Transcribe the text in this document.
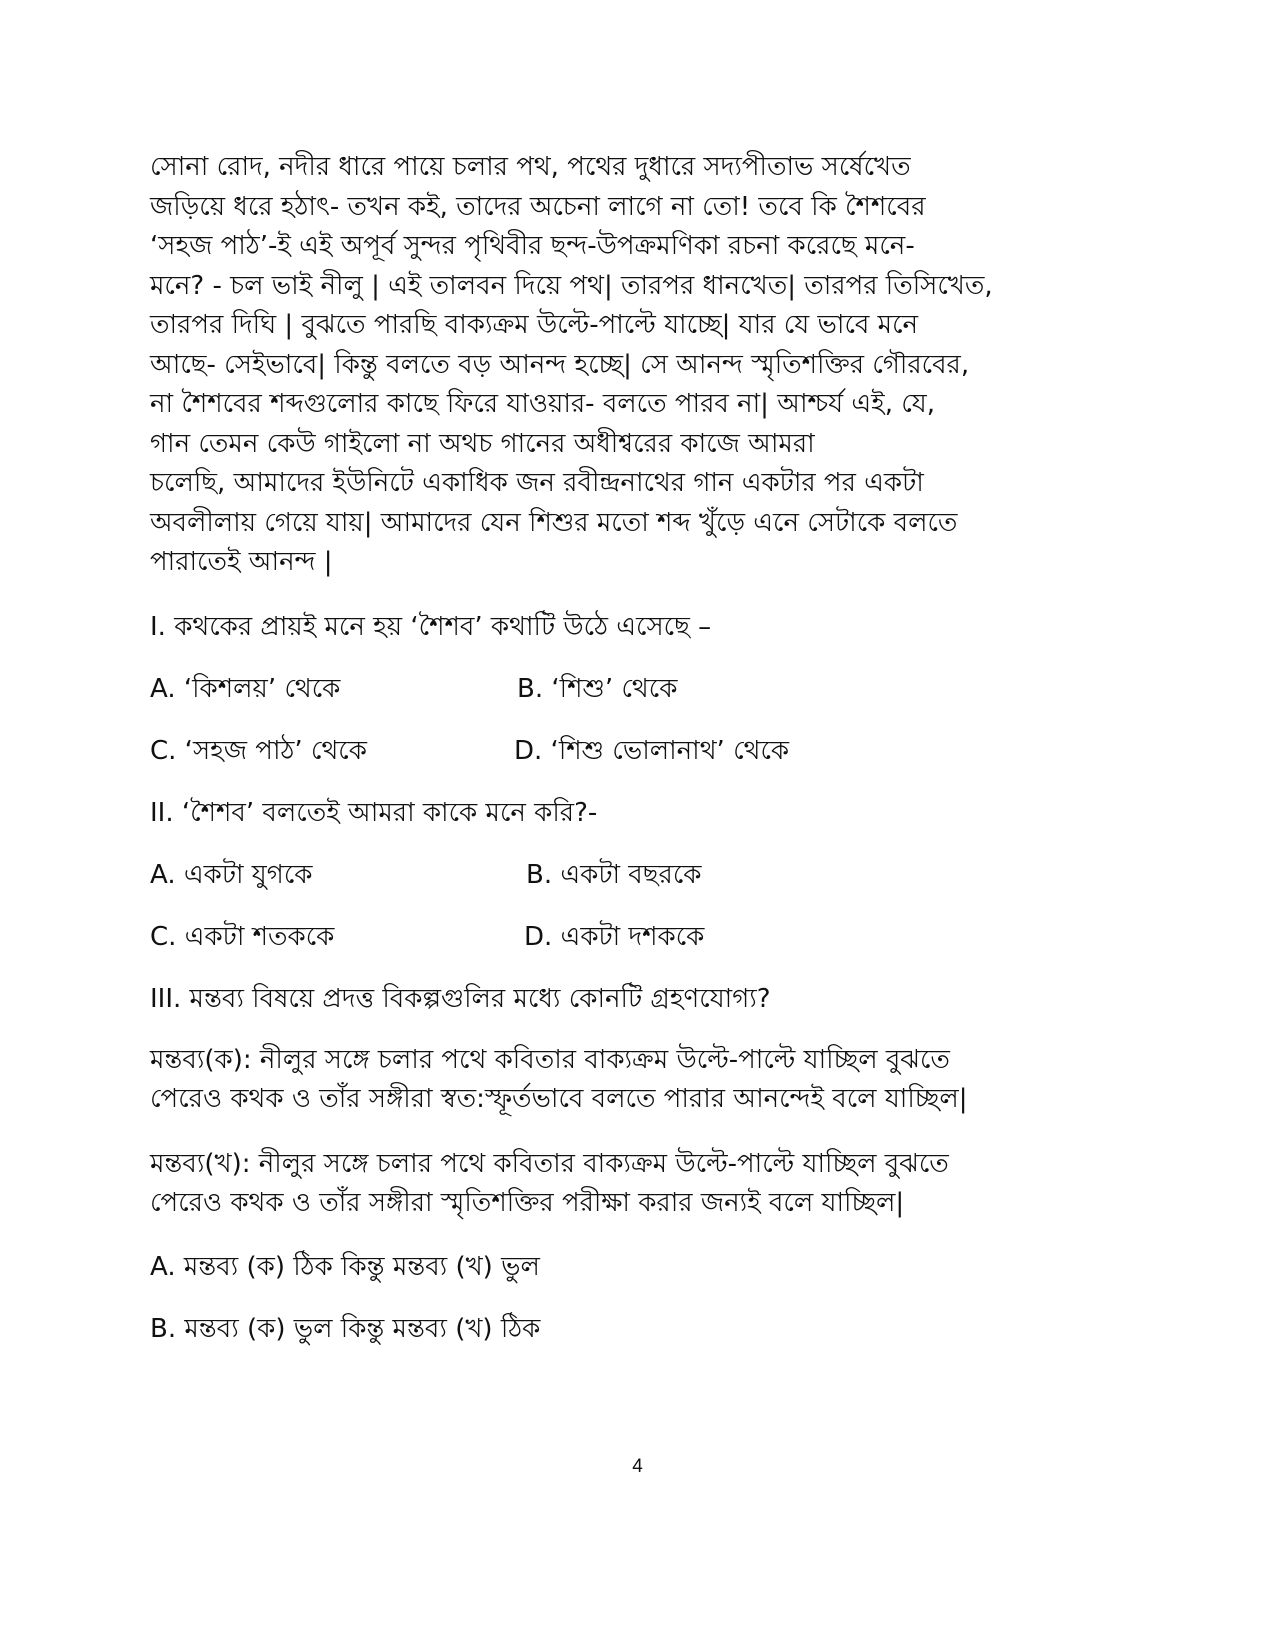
সোনা রোদ, নদীর ধারে পায়ে চলার পথ, পথের দুধারে সদ্যপীতাভ সর্ষেখেত
জড়িয়ে ধরে হঠাৎ- তখন কই, তাদের অচেনা লাগে না তো! তবে কি শৈশবের
‘সহজ পাঠ’-ই এই অপূর্ব সুন্দর পৃথিবীর ছন্দ-উপক্রমণিকা রচনা করেছে মনে-
মনে? - চল ভাই নীলু | এই তালবন দিয়ে পথ| তারপর ধানখেত| তারপর তিসিখেত,
তারপর দিঘি | বুঝতে পারছি বাক্যক্রম উল্টে-পাল্টে যাচ্ছে| যার যে ভাবে মনে
আছে- সেইভাবে| কিন্তু বলতে বড় আনন্দ হচ্ছে| সে আনন্দ স্মৃতিশক্তির গৌরবের,
না শৈশবের শব্দগুলোর কাছে ফিরে যাওয়ার- বলতে পারব না| আশ্চর্য এই, যে,
গান তেমন কেউ গাইলো না অথচ গানের অধীশ্বরের কাজে আমরা
চলেছি, আমাদের ইউনিটে একাধিক জন রবীন্দ্রনাথের গান একটার পর একটা
অবলীলায় গেয়ে যায়| আমাদের যেন শিশুর মতো শব্দ খুঁড়ে এনে সেটাকে বলতে
পারাতেই আনন্দ |

I. কথকের প্রায়ই মনে হয় ‘শৈশব’ কথাটি উঠে এসেছে –
A. ‘কিশলয়’ থেকে	B. ‘শিশু’ থেকে
C. ‘সহজ পাঠ’ থেকে	D. ‘শিশু ভোলানাথ’ থেকে
II. ‘শৈশব’ বলতেই আমরা কাকে মনে করি?-
A. একটা যুগকে	B. একটা বছরকে
C. একটা শতককে	D. একটা দশককে
III. মন্তব্য বিষয়ে প্রদত্ত বিকল্পগুলির মধ্যে কোনটি গ্রহণযোগ্য?
মন্তব্য(ক): নীলুর সঙ্গে চলার পথে কবিতার বাক্যক্রম উল্টে-পাল্টে যাচ্ছিল বুঝতে
পেরেও কথক ও তাঁর সঙ্গীরা স্বত:স্ফূর্তভাবে বলতে পারার আনন্দেই বলে যাচ্ছিল|
মন্তব্য(খ): নীলুর সঙ্গে চলার পথে কবিতার বাক্যক্রম উল্টে-পাল্টে যাচ্ছিল বুঝতে
পেরেও কথক ও তাঁর সঙ্গীরা স্মৃতিশক্তির পরীক্ষা করার জন্যই বলে যাচ্ছিল|
A. মন্তব্য (ক) ঠিক কিন্তু মন্তব্য (খ) ভুল
B. মন্তব্য (ক) ভুল কিন্তু মন্তব্য (খ) ঠিক
4
